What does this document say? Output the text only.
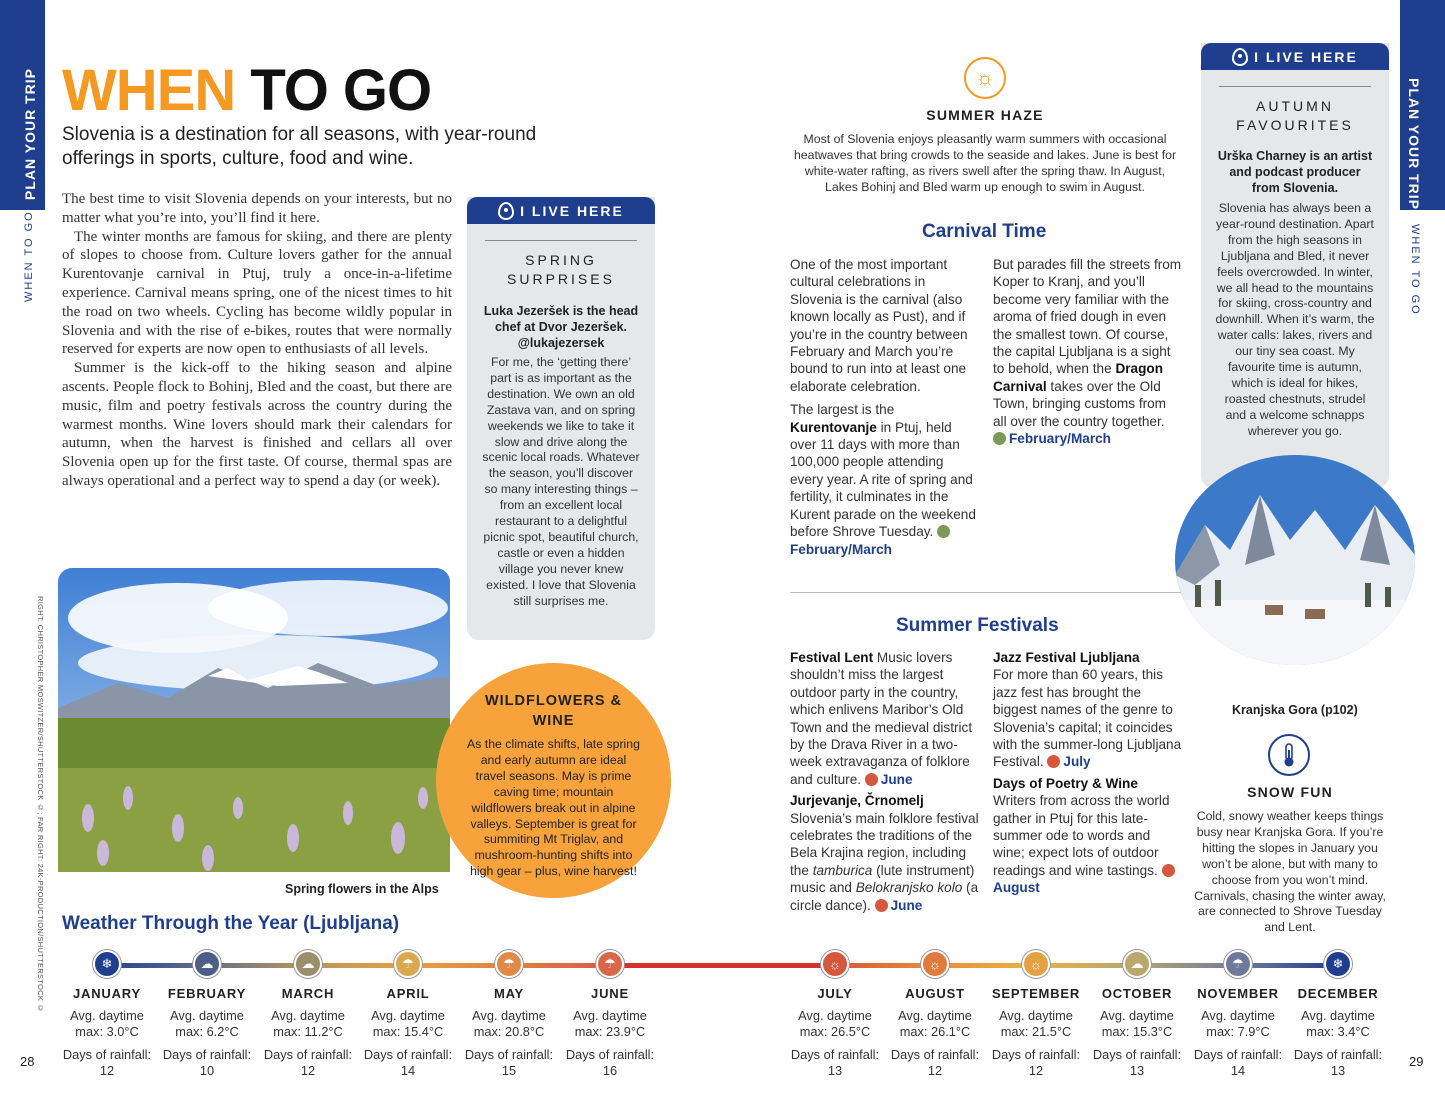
PLAN YOUR TRIP
WHEN TO GO
PLAN YOUR TRIP
WHEN TO GO
WHEN TO GO
Slovenia is a destination for all seasons, with year-round offerings in sports, culture, food and wine.

The best time to visit Slovenia depends on your interests, but no matter what you’re into, you’ll find it here.

The winter months are famous for skiing, and there are plenty of slopes to choose from. Culture lovers gather for the annual Kurentovanje carnival in Ptuj, truly a once-in-a-lifetime experience. Carnival means spring, one of the nicest times to hit the road on two wheels. Cycling has become wildly popular in Slovenia and with the rise of e-bikes, routes that were normally reserved for experts are now open to enthusiasts of all levels.

Summer is the kick-off to the hiking season and alpine ascents. People flock to Bohinj, Bled and the coast, but there are music, film and poetry festivals across the country during the warmest months. Wine lovers should mark their calendars for autumn, when the harvest is finished and cellars all over Slovenia open up for the first taste. Of course, thermal spas are always operational and a perfect way to spend a day (or week).

I LIVE HERE
SPRING SURPRISES
Luka Jezeršek is the head chef at Dvor Jezeršek. @lukajezersek
For me, the ‘getting there’ part is as important as the destination. We own an old Zastava van, and on spring weekends we like to take it slow and drive along the scenic local roads. Whatever the season, you’ll discover so many interesting things – from an excellent local restaurant to a delightful picnic spot, beautiful church, castle or even a hidden village you never knew existed. I love that Slovenia still surprises me.
Spring flowers in the Alps
RIGHT: CHRISTOPHER MOSWITZER/SHUTTERSTOCK ©; FAR RIGHT: 24K-PRODUCTION/SHUTTERSTOCK ©	WILDFLOWERS & WINE
As the climate shifts, late spring and early autumn are ideal travel seasons. May is prime caving time; mountain wildflowers break out in alpine valleys. September is great for summiting Mt Triglav, and mushroom-hunting shifts into high gear – plus, wine harvest!
☼
SUMMER HAZE
Most of Slovenia enjoys pleasantly warm summers with occasional heatwaves that bring crowds to the seaside and lakes. June is best for white-water rafting, as rivers swell after the spring thaw. In August, Lakes Bohinj and Bled warm up enough to swim in August.
Carnival Time

One of the most important cultural celebrations in Slovenia is the carnival (also known locally as Pust), and if you’re in the country between February and March you’re bound to run into at least one elaborate celebration.

The largest is the Kurentovanje in Ptuj, held over 11 days with more than 100,000 people attending every year. A rite of spring and fertility, it culminates in the Kurent parade on the weekend before Shrove Tuesday. February/March

But parades fill the streets from Koper to Kranj, and you’ll become very familiar with the aroma of fried dough in even the smallest town. Of course, the capital Ljubljana is a sight to behold, when the Dragon Carnival takes over the Old Town, bringing customs from all over the country together. February/March

Summer Festivals

Festival Lent Music lovers shouldn’t miss the largest outdoor party in the country, which enlivens Maribor’s Old Town and the medieval district by the Drava River in a two-week extravaganza of folklore and culture. June

Jurjevanje, Črnomelj
Slovenia’s main folklore festival celebrates the traditions of the Bela Krajina region, including the tamburica (lute instrument) music and Belokranjsko kolo (a circle dance). June

Jazz Festival Ljubljana
For more than 60 years, this jazz fest has brought the biggest names of the genre to Slovenia’s capital; it coincides with the summer-long Ljubljana Festival. July

Days of Poetry & Wine
Writers from across the world gather in Ptuj for this late-summer ode to words and wine; expect lots of outdoor readings and wine tastings. August

I LIVE HERE
AUTUMN FAVOURITES
Urška Charney is an artist and podcast producer from Slovenia.
Slovenia has always been a year-round destination. Apart from the high seasons in Ljubljana and Bled, it never feels overcrowded. In winter, we all head to the mountains for skiing, cross-country and downhill. When it’s warm, the water calls: lakes, rivers and our tiny sea coast. My favourite time is autumn, which is ideal for hikes, roasted chestnuts, strudel and a welcome schnapps wherever you go.
Kranjska Gora (p102)
SNOW FUN
Cold, snowy weather keeps things busy near Kranjska Gora. If you’re hitting the slopes in January you won’t be alone, but with many to choose from you won’t mind. Carnivals, chasing the winter away, are connected to Shrove Tuesday and Lent.
Weather Through the Year (Ljubljana)
❄
JANUARY
Avg. daytime max: 3.0°C
Days of rainfall:
12
☁
FEBRUARY
Avg. daytime max: 6.2°C
Days of rainfall:
10
☁
MARCH
Avg. daytime max: 11.2°C
Days of rainfall:
12
☂
APRIL
Avg. daytime max: 15.4°C
Days of rainfall:
14
☂
MAY
Avg. daytime max: 20.8°C
Days of rainfall:
15
☂
JUNE
Avg. daytime max: 23.9°C
Days of rainfall:
16
☼
JULY
Avg. daytime max: 26.5°C
Days of rainfall:
13
☼
AUGUST
Avg. daytime max: 26.1°C
Days of rainfall:
12
☼
SEPTEMBER
Avg. daytime max: 21.5°C
Days of rainfall:
12
☁
OCTOBER
Avg. daytime max: 15.3°C
Days of rainfall:
13
☂
NOVEMBER
Avg. daytime max: 7.9°C
Days of rainfall:
14
❄
DECEMBER
Avg. daytime max: 3.4°C
Days of rainfall:
13
28	29
